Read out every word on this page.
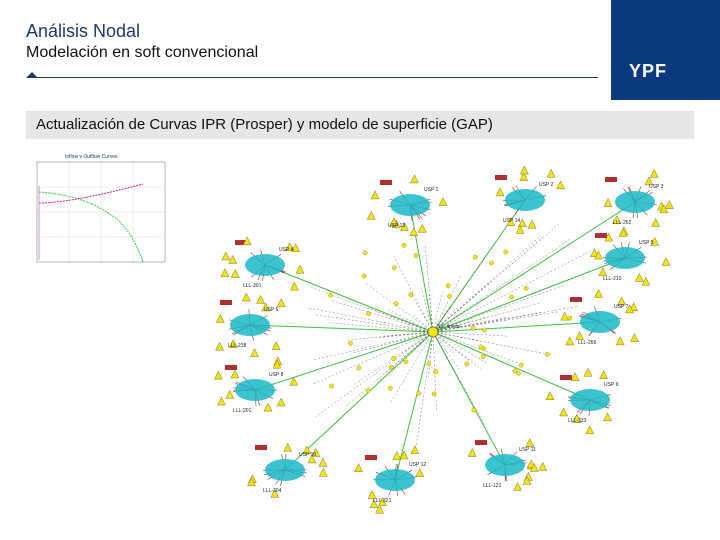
Análisis Nodal
Modelación en soft convencional
YPF
Actualización de Curvas IPR (Prosper) y modelo de superficie (GAP)
Inflow v Outflow Curves
USP 1
USP 2	USP 3
USP 4
USP 5
USP 6	USP 7
USP 8
USP 9
USP 10
USP 11
USP 12
USP 13
USP 14	LLL-262
LLL-301
LLL-210
LLL-238	LLL-266
LLL-201
LLL-333
LLL-204
LLL-121
LLL-321
SS_anode
